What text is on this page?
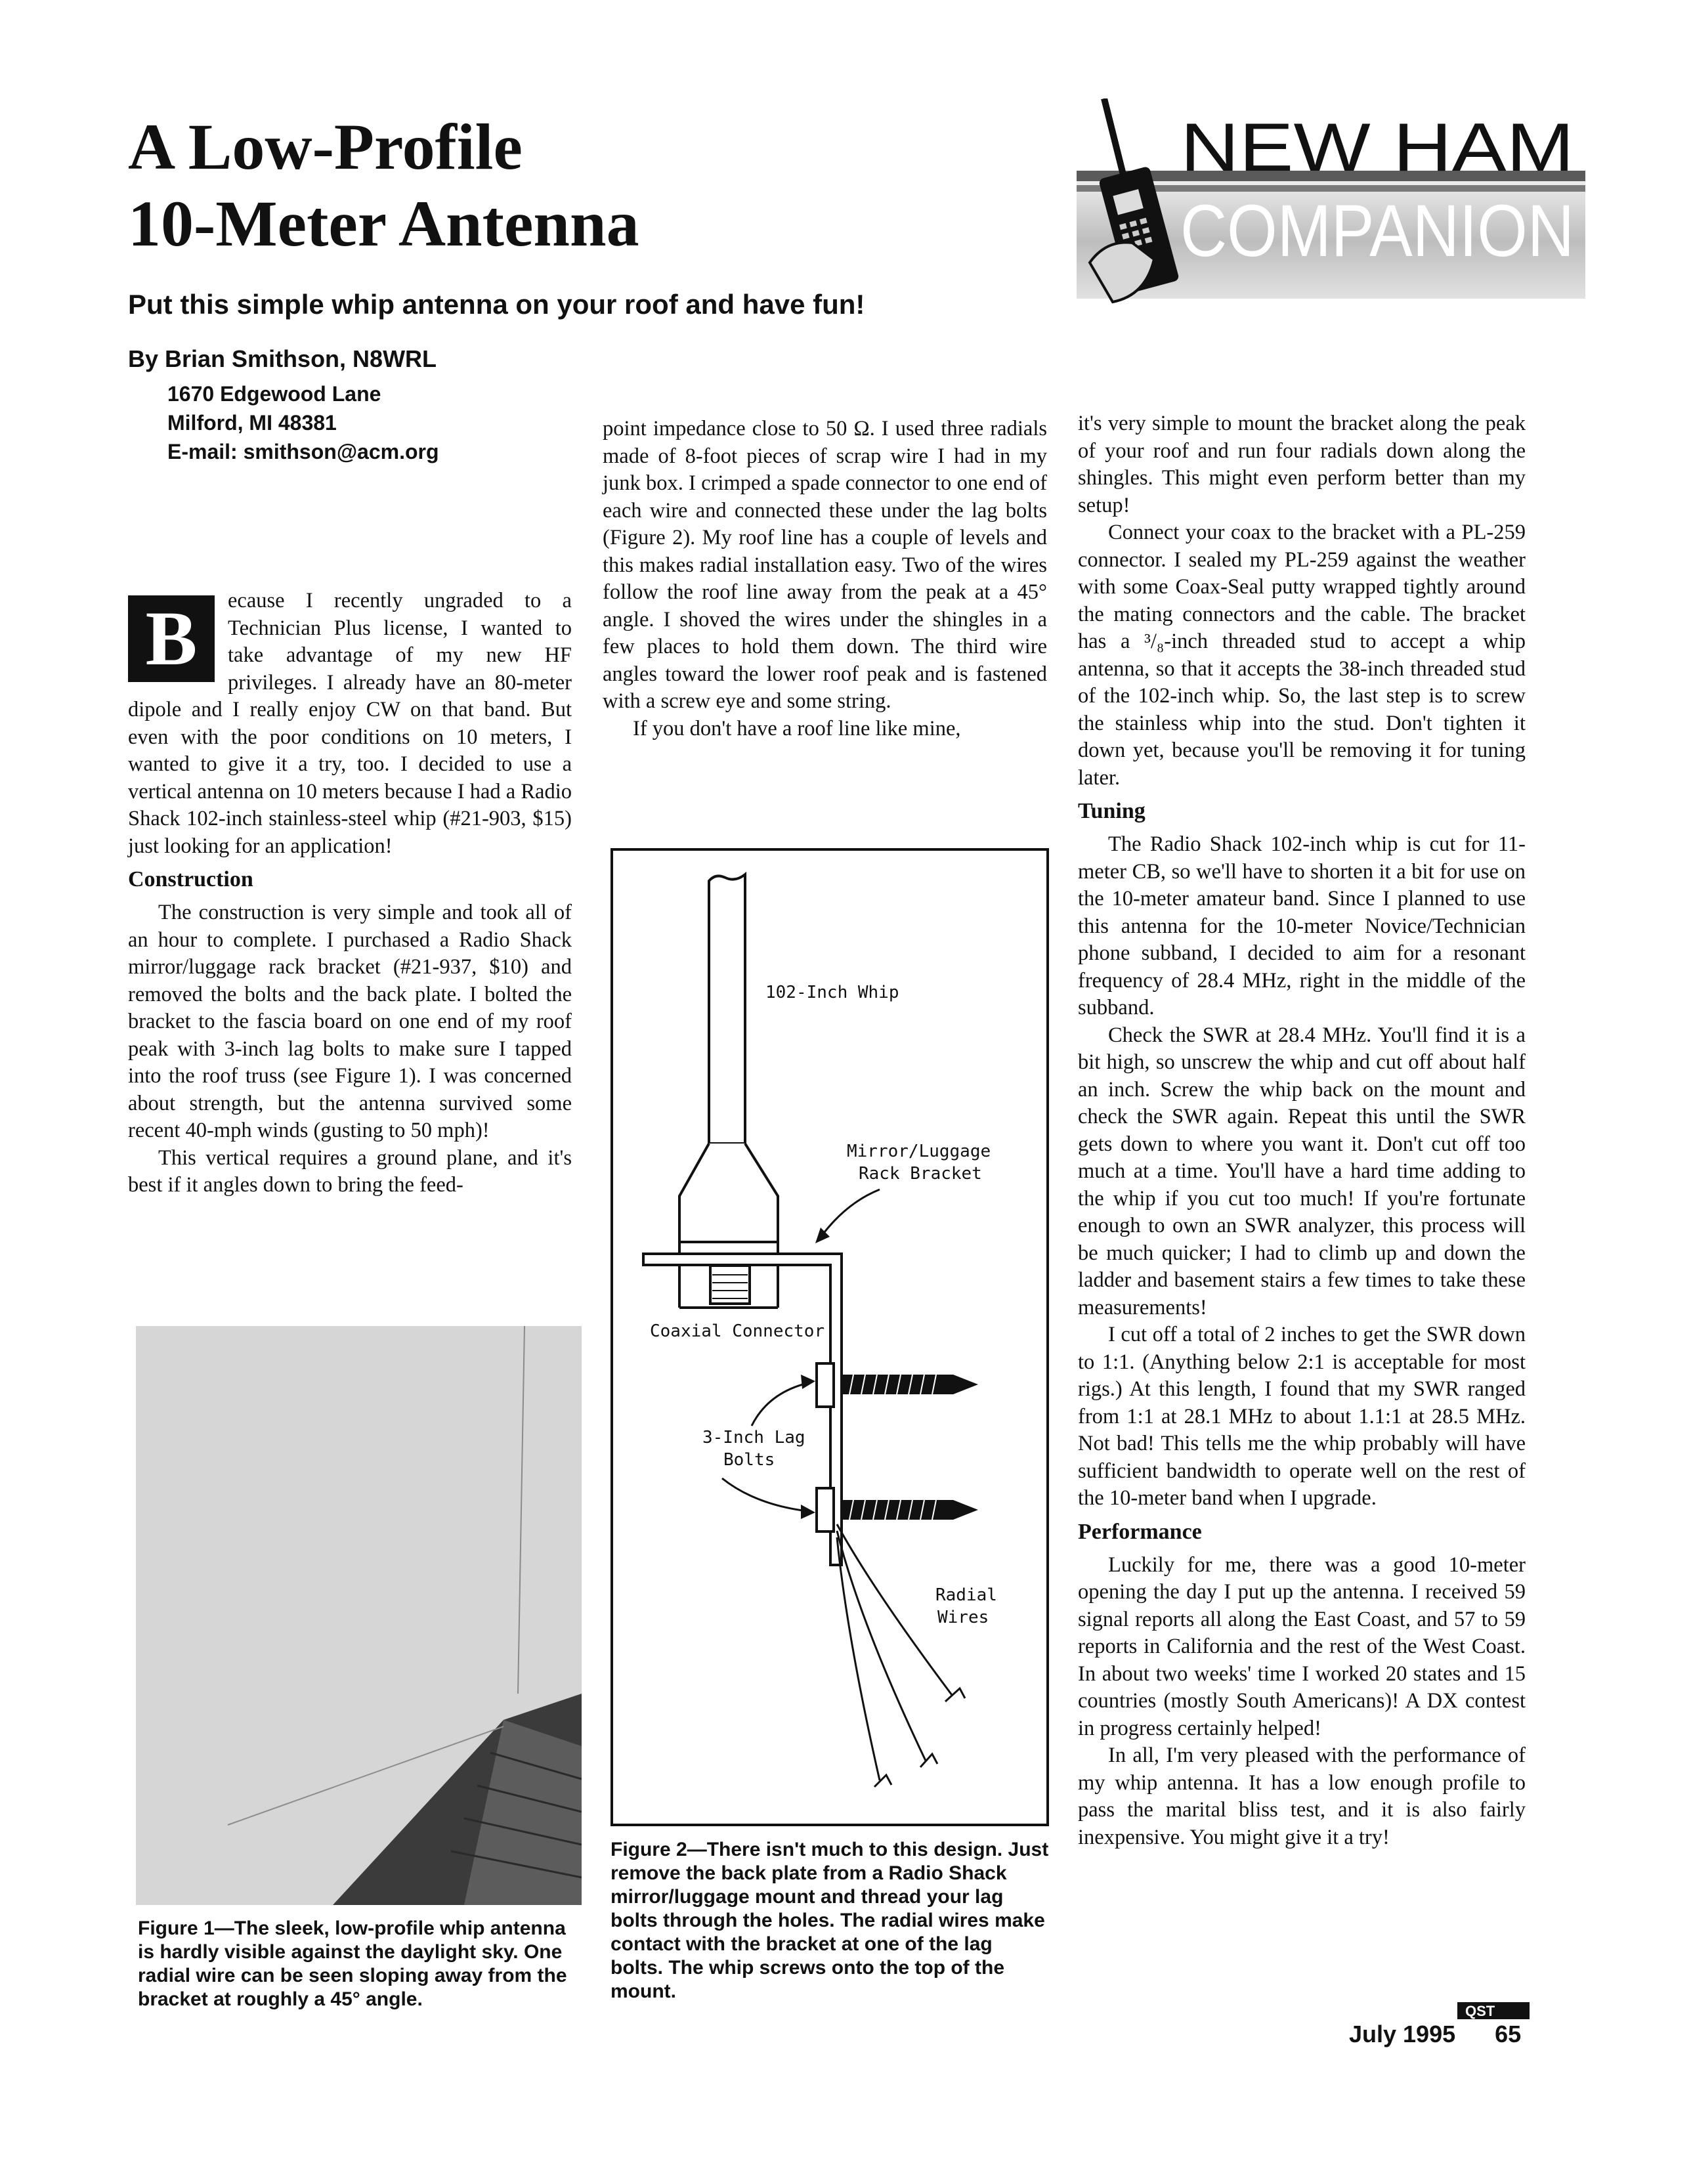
A Low-Profile
10-Meter Antenna
Put this simple whip antenna on your roof and have fun!
By Brian Smithson, N8WRL
1670 Edgewood Lane
Milford, MI 48381
E-mail: smithson@acm.org
NEW HAM
COMPANION
B	ecause I recently ungraded to a Technician Plus license, I wanted to take advantage of my new HF privileges. I already have an 80-meter dipole and I really enjoy CW on that band. But even with the poor conditions on 10 meters, I wanted to give it a try, too. I decided to use a vertical antenna on 10 meters because I had a Radio Shack 102-inch stainless-steel whip (#21-903, $15) just looking for an application!

Construction

The construction is very simple and took all of an hour to complete. I purchased a Radio Shack mirror/luggage rack bracket (#21-937, $10) and removed the bolts and the back plate. I bolted the bracket to the fascia board on one end of my roof peak with 3-inch lag bolts to make sure I tapped into the roof truss (see Figure 1). I was concerned about strength, but the antenna survived some recent 40-mph winds (gusting to 50 mph)!

This vertical requires a ground plane, and it's best if it angles down to bring the feed-

Figure 1—The sleek, low-profile whip antenna is hardly visible against the daylight sky. One radial wire can be seen sloping away from the bracket at roughly a 45° angle.

point impedance close to 50 Ω. I used three radials made of 8-foot pieces of scrap wire I had in my junk box. I crimped a spade connector to one end of each wire and connected these under the lag bolts (Figure 2). My roof line has a couple of levels and this makes radial installation easy. Two of the wires follow the roof line away from the peak at a 45° angle. I shoved the wires under the shingles in a few places to hold them down. The third wire angles toward the lower roof peak and is fastened with a screw eye and some string.

If you don't have a roof line like mine,

102-Inch Whip
Mirror/Luggage
Rack Bracket
Coaxial Connector
3-Inch Lag
Bolts
Radial
Wires
Figure 2—There isn't much to this design. Just remove the back plate from a Radio Shack mirror/luggage mount and thread your lag bolts through the holes. The radial wires make contact with the bracket at one of the lag bolts. The whip screws onto the top of the mount.

it's very simple to mount the bracket along the peak of your roof and run four radials down along the shingles. This might even perform better than my setup!

Connect your coax to the bracket with a PL-259 connector. I sealed my PL-259 against the weather with some Coax-Seal putty wrapped tightly around the mating connectors and the cable. The bracket has a ³/₈-inch threaded stud to accept a whip antenna, so that it accepts the 38-inch threaded stud of the 102-inch whip. So, the last step is to screw the stainless whip into the stud. Don't tighten it down yet, because you'll be removing it for tuning later.

Tuning

The Radio Shack 102-inch whip is cut for 11-meter CB, so we'll have to shorten it a bit for use on the 10-meter amateur band. Since I planned to use this antenna for the 10-meter Novice/Technician phone subband, I decided to aim for a resonant frequency of 28.4 MHz, right in the middle of the subband.

Check the SWR at 28.4 MHz. You'll find it is a bit high, so unscrew the whip and cut off about half an inch. Screw the whip back on the mount and check the SWR again. Repeat this until the SWR gets down to where you want it. Don't cut off too much at a time. You'll have a hard time adding to the whip if you cut too much! If you're fortunate enough to own an SWR analyzer, this process will be much quicker; I had to climb up and down the ladder and basement stairs a few times to take these measurements!

I cut off a total of 2 inches to get the SWR down to 1:1. (Anything below 2:1 is acceptable for most rigs.) At this length, I found that my SWR ranged from 1:1 at 28.1 MHz to about 1.1:1 at 28.5 MHz. Not bad! This tells me the whip probably will have sufficient bandwidth to operate well on the rest of the 10-meter band when I upgrade.

Performance

Luckily for me, there was a good 10-meter opening the day I put up the antenna. I received 59 signal reports all along the East Coast, and 57 to 59 reports in California and the rest of the West Coast. In about two weeks' time I worked 20 states and 15 countries (mostly South Americans)! A DX contest in progress certainly helped!

In all, I'm very pleased with the performance of my whip antenna. It has a low enough profile to pass the marital bliss test, and it is also fairly inexpensive. You might give it a try!

QST
July 1995 65
